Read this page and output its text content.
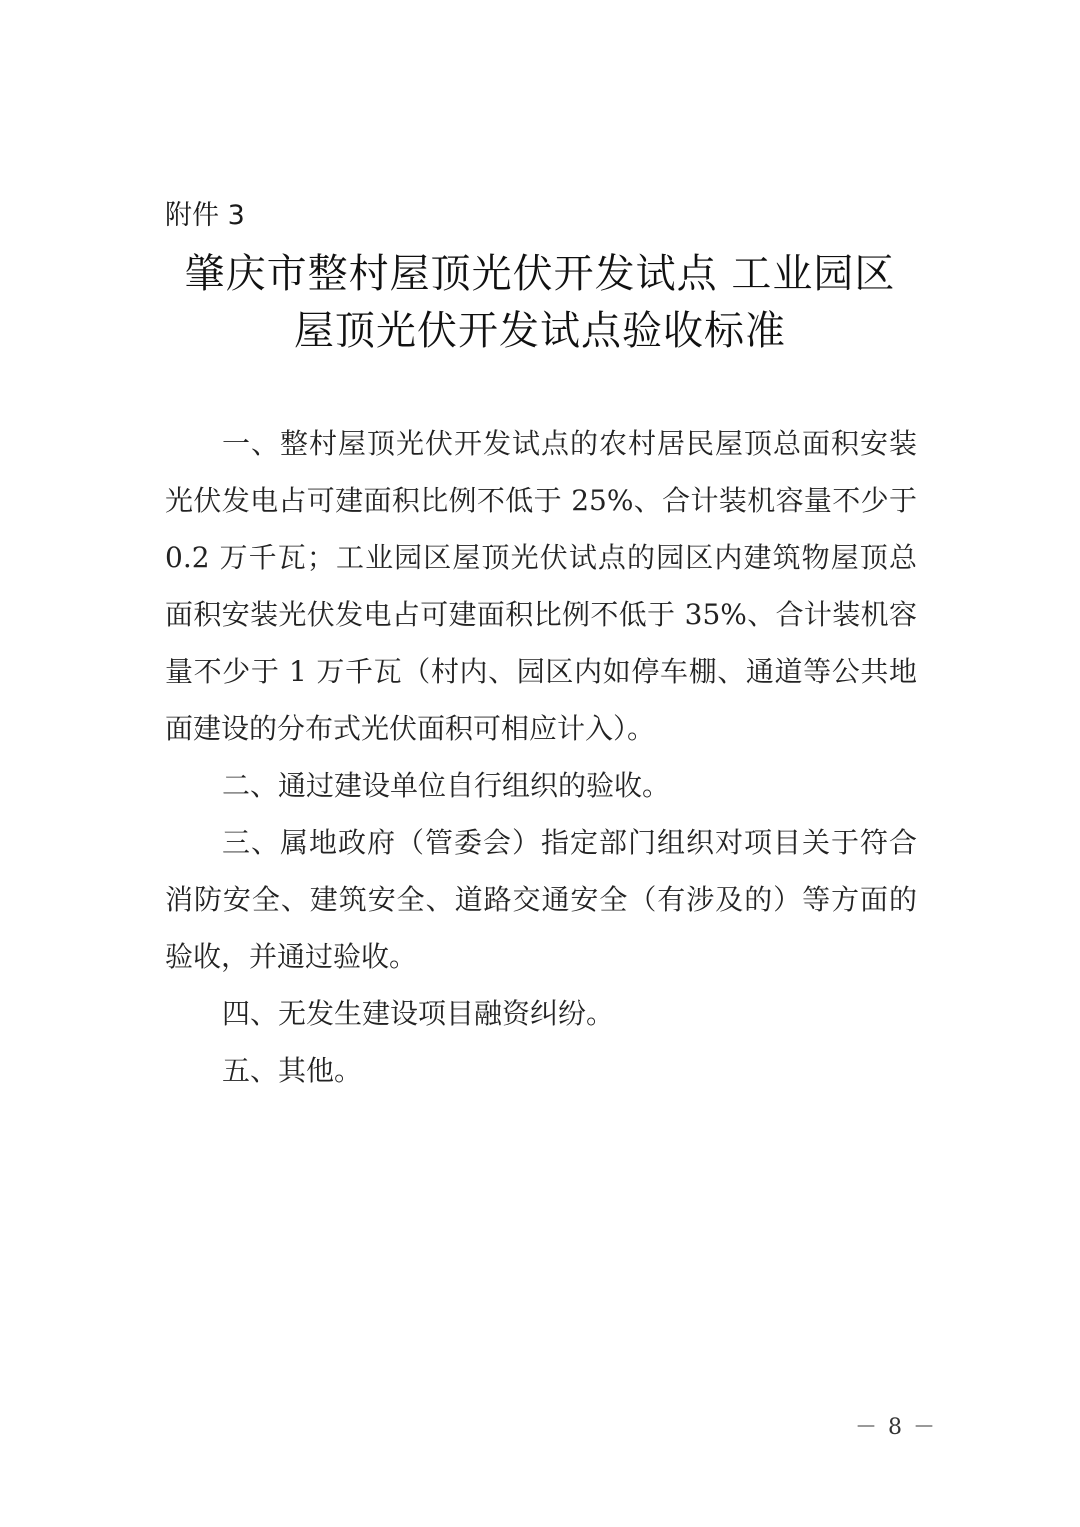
附件 3
肇庆市整村屋顶光伏开发试点 工业园区
屋顶光伏开发试点验收标准
一、整村屋顶光伏开发试点的农村居民屋顶总面积安装
光伏发电占可建面积比例不低于 25%、合计装机容量不少于
0.2 万千瓦；工业园区屋顶光伏试点的园区内建筑物屋顶总
面积安装光伏发电占可建面积比例不低于 35%、合计装机容
量不少于 1 万千瓦（村内、园区内如停车棚、通道等公共地
面建设的分布式光伏面积可相应计入）。
二、通过建设单位自行组织的验收。
三、属地政府（管委会）指定部门组织对项目关于符合
消防安全、建筑安全、道路交通安全（有涉及的）等方面的
验收，并通过验收。
四、无发生建设项目融资纠纷。
五、其他。
－ 8 －
